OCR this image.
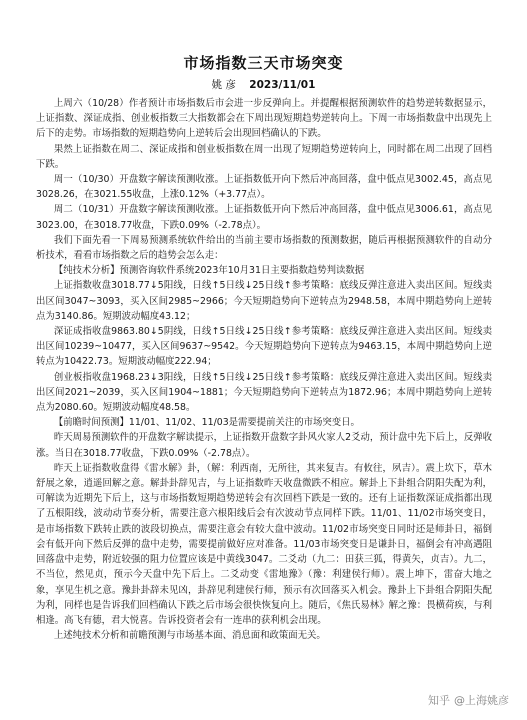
市场指数三天市场突变
姚 彦 2023/11/01

上周六（10/28）作者预计市场指数后市会进一步反弹向上。并提醒根据预测软件的趋势逆转数据显示，上证指数、深证成指、创业板指数三大指数都会在下周出现短期趋势逆转向上。下周一市场指数盘中出现先上后下的走势。市场指数的短期趋势向上逆转后会出现回档确认的下跌。

果然上证指数在周二、深证成指和创业板指数在周一出现了短期趋势逆转向上，同时都在周二出现了回档下跌。

周一（10/30）开盘数字解读预测收涨。上证指数低开向下然后冲高回落，盘中低点见3002.45，高点见3028.26，在3021.55收盘，上涨0.12%（+3.77点）。

周二（10/31）开盘数字解读预测收涨。上证指数低开向下然后冲高回落，盘中低点见3006.61，高点见3023.00，在3018.77收盘，下跌0.09%（-2.78点）。

我们下面先看一下周易预测系统软件给出的当前主要市场指数的预测数据，随后再根据预测软件的自动分析技术，看看市场指数之后的趋势会怎么走：

【纯技术分析】预测咨询软件系统2023年10月31日主要指数趋势判读数据

上证指数收盘3018.77↓5阳线，日线↑5日线↓25日线↑参考策略：底线反弹注意进入卖出区间。短线卖出区间3047~3093，买入区间2985~2966；今天短期趋势向下逆转点为2948.58，本周中期趋势向上逆转点为3140.86。短期波动幅度43.12；

深证成指收盘9863.80↓5阴线，日线↑5日线↓25日线↑参考策略：底线反弹注意进入卖出区间。短线卖出区间10239~10477，买入区间9637~9542。今天短期趋势向下逆转点为9463.15，本周中期趋势向上逆转点为10422.73。短期波动幅度222.94；

创业板指收盘1968.23↓3阳线，日线↑5日线↓25日线↑参考策略：底线反弹注意进入卖出区间。短线卖出区间2021~2039，买入区间1904~1881；今天短期趋势向下逆转点为1872.96；本周中期趋势向上逆转点为2080.60。短期波动幅度48.58。

【前瞻时间预测】11/01、11/02、11/03是需要提前关注的市场突变日。

昨天周易预测软件的开盘数字解读提示，上证指数开盘数字卦风火家人2爻动，预计盘中先下后上，反弹收涨。当日在3018.77收盘，下跌0.09%（-2.78点）。

昨天上证指数收盘得《雷水解》卦，（解：利西南，无所往，其来复吉。有攸往，夙吉）。震上坎下，草木舒展之象，逍遥回解之意。解卦卦辞见吉，与上证指数昨天收盘微跌不相应。解卦上下卦组合阴阳失配为利，可解读为近期先下后上，这与市场指数短期趋势逆转会有次回档下跌是一致的。还有上证指数深证成指都出现了五根阳线，波动动节奏分析，需要注意六根阳线后会有次波动节点同样下跌。11/01、11/02市场突变日，是市场指数下跌转止跌的波段切换点，需要注意会有较大盘中波动。11/02市场突变日同时还是师卦日，福倒会有低开向下然后反弹的盘中走势，需要提前做好应对准备。11/03市场突变日是谦卦日，福倒会有冲高遇阻回落盘中走势，附近较强的阻力位置应该是中黄线3047。二爻动（九二：田获三狐，得黄矢，贞吉）。九二，不当位，然见贞，预示今天盘中先下后上。二爻动变《雷地豫》（豫：利建侯行师）。震上坤下，雷奋大地之象，享见生机之意。豫卦卦辞未见凶，卦辞见利建侯行师，预示有次回落买入机会。豫卦上下卦组合阴阳失配为利，同样也是告诉我们回档确认下跌之后市场会很快恢复向上。随后，《焦氏易林》解之豫：畏横荷疾，与利相逢。高飞有德，君大悦喜。告诉投资者会有一连串的获利机会出现。

上述纯技术分析和前瞻预测与市场基本面、消息面和政策面无关。

知乎 @上海姚彦
